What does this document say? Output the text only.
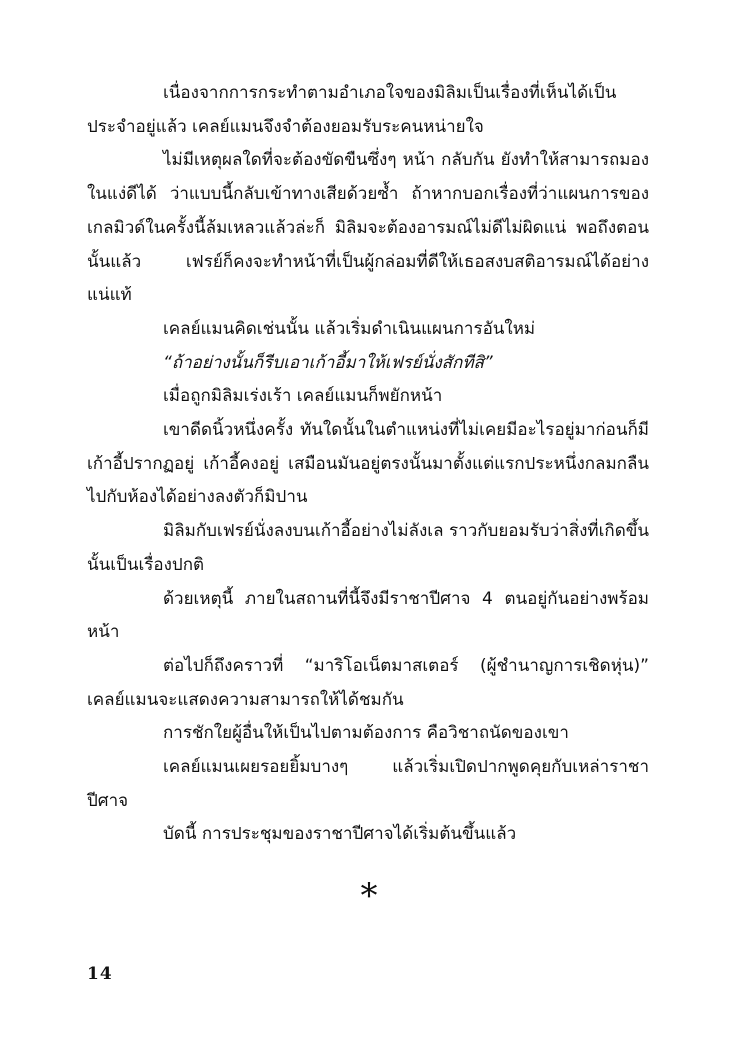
เนื่องจากการกระทำตามอำเภอใจของมิลิมเป็นเรื่องที่เห็นได้เป็นประจำอยู่แล้ว เคลย์แมนจึงจำต้องยอมรับระคนหน่ายใจ

ไม่มีเหตุผลใดที่จะต้องขัดขืนซึ่งๆ หน้า กลับกัน ยังทำให้สามารถมองในแง่ดีได้ ว่าแบบนี้กลับเข้าทางเสียด้วยซ้ำ ถ้าหากบอกเรื่องที่ว่าแผนการของเกลมิวด์ในครั้งนี้ล้มเหลวแล้วล่ะก็ มิลิมจะต้องอารมณ์ไม่ดีไม่ผิดแน่ พอถึงตอนนั้นแล้ว เฟรย์ก็คงจะทำหน้าที่เป็นผู้กล่อมที่ดีให้เธอสงบสติอารมณ์ได้อย่างแน่แท้

เคลย์แมนคิดเช่นนั้น แล้วเริ่มดำเนินแผนการอันใหม่

“ถ้าอย่างนั้นก็รีบเอาเก้าอี้มาให้เฟรย์นั่งสักทีสิ”

เมื่อถูกมิลิมเร่งเร้า เคลย์แมนก็พยักหน้า

เขาดีดนิ้วหนึ่งครั้ง ทันใดนั้นในตำแหน่งที่ไม่เคยมีอะไรอยู่มาก่อนก็มีเก้าอี้ปรากฏอยู่ เก้าอี้คงอยู่ เสมือนมันอยู่ตรงนั้นมาตั้งแต่แรกประหนึ่งกลมกลืนไปกับห้องได้อย่างลงตัวก็มิปาน

มิลิมกับเฟรย์นั่งลงบนเก้าอี้อย่างไม่ลังเล ราวกับยอมรับว่าสิ่งที่เกิดขึ้นนั้นเป็นเรื่องปกติ

ด้วยเหตุนี้ ภายในสถานที่นี้จึงมีราชาปีศาจ 4 ตนอยู่กันอย่างพร้อมหน้า

ต่อไปก็ถึงคราวที่ “มาริโอเน็ตมาสเตอร์ (ผู้ชำนาญการเชิดหุ่น)” เคลย์แมนจะแสดงความสามารถให้ได้ชมกัน

การชักใยผู้อื่นให้เป็นไปตามต้องการ คือวิชาถนัดของเขา

เคลย์แมนเผยรอยยิ้มบางๆ แล้วเริ่มเปิดปากพูดคุยกับเหล่าราชาปีศาจ

บัดนี้ การประชุมของราชาปีศาจได้เริ่มต้นขึ้นแล้ว

*
14
